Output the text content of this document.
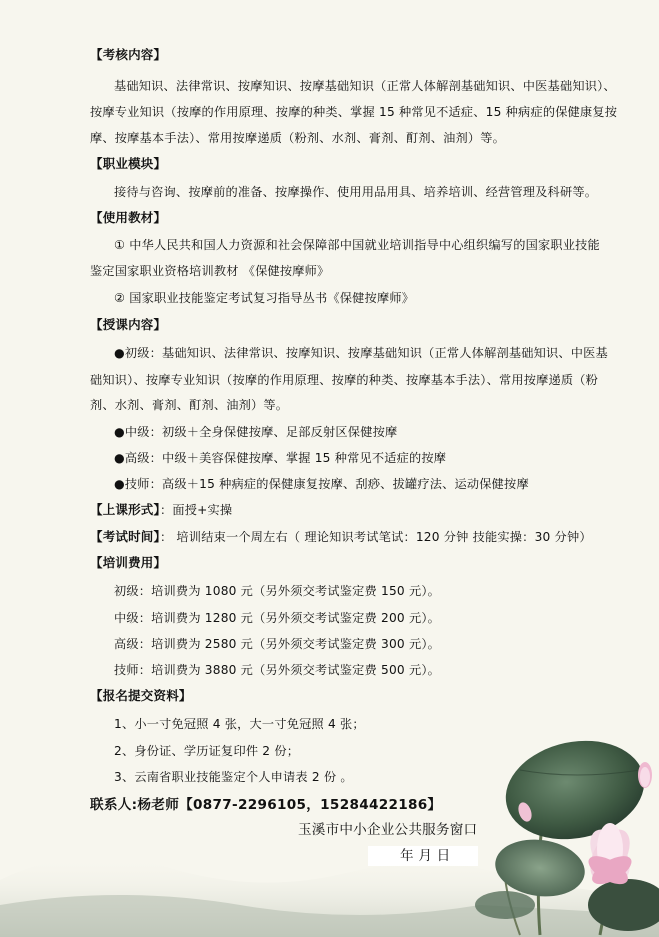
【考核内容】
基础知识、法律常识、按摩知识、按摩基础知识（正常人体解剖基础知识、中医基础知识）、
按摩专业知识（按摩的作用原理、按摩的种类、掌握 15 种常见不适症、15 种病症的保健康复按
摩、按摩基本手法）、常用按摩递质（粉剂、水剂、膏剂、酊剂、油剂）等。
【职业模块】
接待与咨询、按摩前的准备、按摩操作、使用用品用具、培养培训、经营管理及科研等。
【使用教材】
① 中华人民共和国人力资源和社会保障部中国就业培训指导中心组织编写的国家职业技能
鉴定国家职业资格培训教材 《保健按摩师》
② 国家职业技能鉴定考试复习指导丛书《保健按摩师》
【授课内容】
●初级：基础知识、法律常识、按摩知识、按摩基础知识（正常人体解剖基础知识、中医基
础知识）、按摩专业知识（按摩的作用原理、按摩的种类、按摩基本手法）、常用按摩递质（粉
剂、水剂、膏剂、酊剂、油剂）等。
●中级：初级＋全身保健按摩、足部反射区保健按摩
●高级：中级＋美容保健按摩、掌握 15 种常见不适症的按摩
●技师：高级＋15 种病症的保健康复按摩、刮痧、拔罐疗法、运动保健按摩
【上课形式】：面授+实操
【考试时间】： 培训结束一个周左右（ 理论知识考试笔试：120 分钟 技能实操：30 分钟）
【培训费用】
初级：培训费为 1080 元（另外须交考试鉴定费 150 元）。
中级：培训费为 1280 元（另外须交考试鉴定费 200 元）。
高级：培训费为 2580 元（另外须交考试鉴定费 300 元）。
技师：培训费为 3880 元（另外须交考试鉴定费 500 元）。
【报名提交资料】
1、小一寸免冠照 4 张，大一寸免冠照 4 张；
2、身份证、学历证复印件 2 份；
3、云南省职业技能鉴定个人申请表 2 份 。
联系人:杨老师【0877-2296105，15284422186】
玉溪市中小企业公共服务窗口
年 月 日
